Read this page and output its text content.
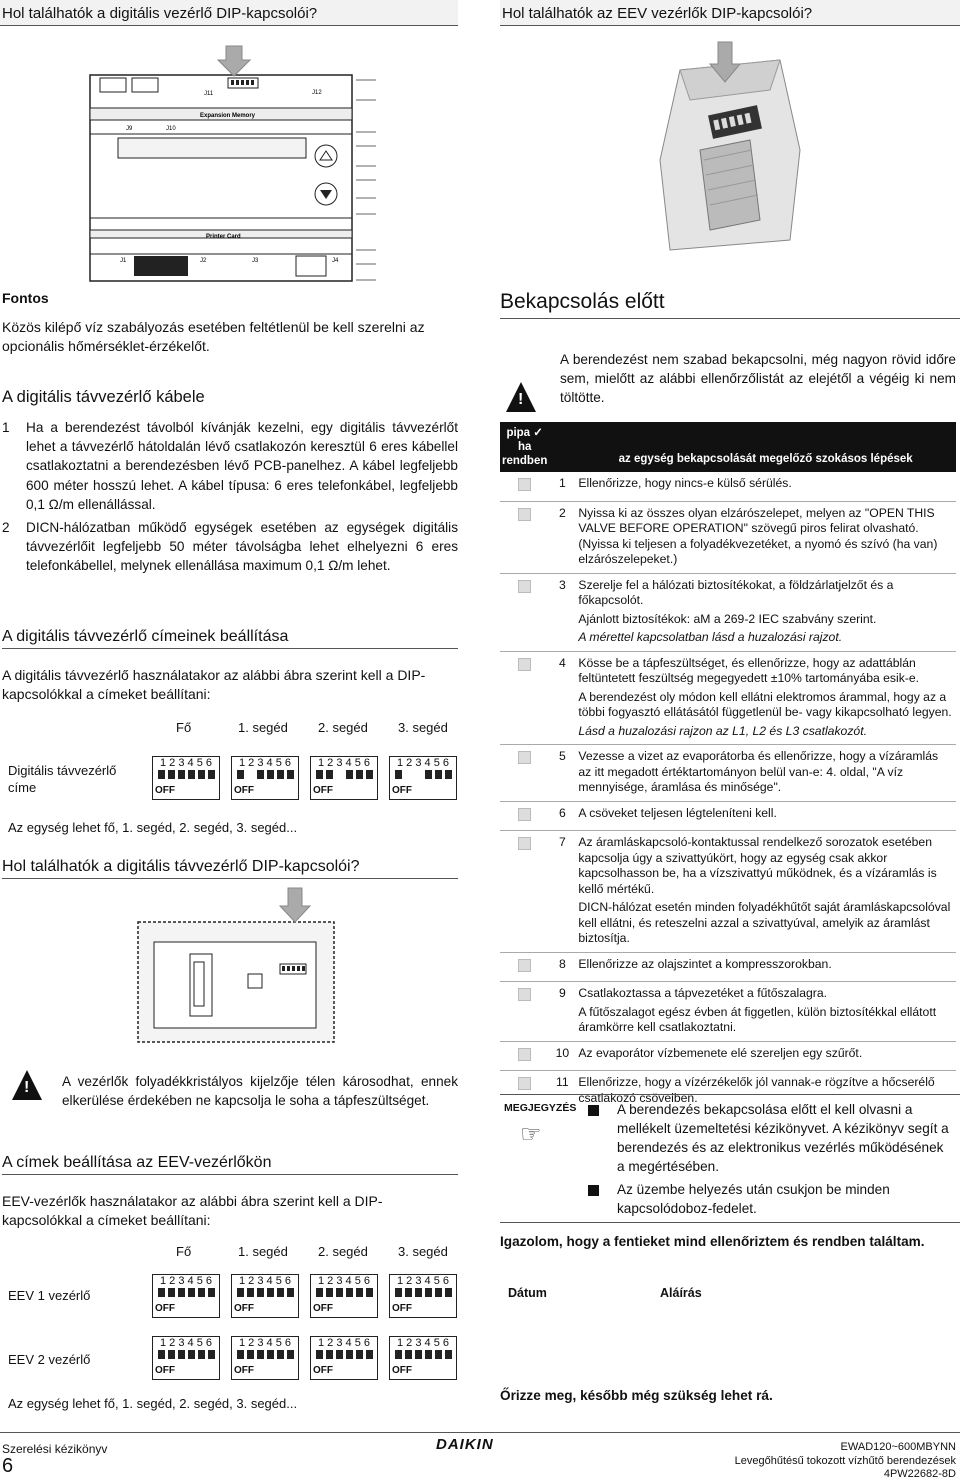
Hol találhatók a digitális vezérlő DIP-kapcsolói?
J11	J12
Expansion Memory
J9	J10
Printer Card
J1	J2	J3	J4
Fontos
Közös kilépő víz szabályozás esetében feltétlenül be kell szerelni az opcionális hőmérséklet-érzékelőt.
A digitális távvezérlő kábele
1 Ha a berendezést távolból kívánják kezelni, egy digitális távvezérlőt lehet a távvezérlő hátoldalán lévő csatlakozón keresztül 6 eres kábellel csatlakoztatni a berendezésben lévő PCB-panelhez. A kábel legfeljebb 600 méter hosszú lehet. A kábel típusa: 6 eres telefonkábel, legfeljebb 0,1 Ω/m ellenállással.
2 DICN-hálózatban működő egységek esetében az egységek digitális távvezérlőit legfeljebb 50 méter távolságba lehet elhelyezni 6 eres telefonkábellel, melynek ellenállása maximum 0,1 Ω/m lehet.
A digitális távvezérlő címeinek beállítása
A digitális távvezérlő használatakor az alábbi ábra szerint kell a DIP-kapcsolókkal a címeket beállítani:
Fő	1. segéd	2. segéd	3. segéd
Digitális távvezérlő címe
1 2 3 4 5 6
OFF
1 2 3 4 5 6
OFF
1 2 3 4 5 6
OFF
1 2 3 4 5 6
OFF
Az egység lehet fő, 1. segéd, 2. segéd, 3. segéd...
Hol találhatók a digitális távvezérlő DIP-kapcsolói?
!
A vezérlők folyadékkristályos kijelzője télen károsodhat, ennek elkerülése érdekében ne kapcsolja le soha a tápfeszültséget.
A címek beállítása az EEV-vezérlőkön
EEV-vezérlők használatakor az alábbi ábra szerint kell a DIP-kapcsolókkal a címeket beállítani:
Fő	1. segéd	2. segéd	3. segéd
EEV 1 vezérlő
1 2 3 4 5 6
OFF
1 2 3 4 5 6
OFF
1 2 3 4 5 6
OFF
1 2 3 4 5 6
OFF
EEV 2 vezérlő
1 2 3 4 5 6
OFF
1 2 3 4 5 6
OFF
1 2 3 4 5 6
OFF
1 2 3 4 5 6
OFF
Az egység lehet fő, 1. segéd, 2. segéd, 3. segéd...
Hol találhatók az EEV vezérlők DIP-kapcsolói?
Bekapcsolás előtt
!
A berendezést nem szabad bekapcsolni, még nagyon rövid időre sem, mielőtt az alábbi ellenőrzőlistát az elejétől a végéig ki nem töltötte.
pipa ✓ ha rendben		az egység bekapcsolását megelőző szokásos lépések
	1	Ellenőrizze, hogy nincs-e külső sérülés.

	2	Nyissa ki az összes olyan elzárószelepet, melyen az "OPEN THIS VALVE BEFORE OPERATION" szövegű piros felirat olvasható. (Nyissa ki teljesen a folyadékvezetéket, a nyomó és szívó (ha van) elzárószelepeket.)

	3	Szerelje fel a hálózati biztosítékokat, a földzárlatjelzőt és a főkapcsolót.
Ajánlott biztosítékok: aM a 269-2 IEC szabvány szerint.
A mérettel kapcsolatban lásd a huzalozási rajzot.

	4	Kösse be a tápfeszültséget, és ellenőrizze, hogy az adattáblán feltüntetett feszültség megegyedett ±10% tartományába esik-e.
A berendezést oly módon kell ellátni elektromos árammal, hogy az a többi fogyasztó ellátásától függetlenül be- vagy kikapcsolható legyen.
Lásd a huzalozási rajzon az L1, L2 és L3 csatlakozót.

	5	Vezesse a vizet az evaporátorba és ellenőrizze, hogy a vízáramlás az itt megadott értéktartományon belül van-e: 4. oldal, "A víz mennyisége, áramlása és minősége".

	6	A csöveket teljesen légteleníteni kell.

	7	Az áramláskapcsoló-kontaktussal rendelkező sorozatok esetében kapcsolja úgy a szivattyúkört, hogy az egység csak akkor kapcsolhasson be, ha a vízszivattyú működnek, és a vízáramlás is kellő mértékű.
DICN-hálózat esetén minden folyadékhűtőt saját áramláskapcsolóval kell ellátni, és reteszelni azzal a szivattyúval, amelyik az áramlást biztosítja.

	8	Ellenőrizze az olajszintet a kompresszorokban.

	9	Csatlakoztassa a tápvezetéket a fűtőszalagra.
A fűtőszalagot egész évben át figgetlen, külön biztosítékkal ellátott áramkörre kell csatlakoztatni.

	10	Az evaporátor vízbemenete elé szereljen egy szűrőt.

	11	Ellenőrizze, hogy a vízérzékelők jól vannak-e rögzítve a hőcserélő csatlakozó csöveiben.
MEGJEGYZÉS
☞
A berendezés bekapcsolása előtt el kell olvasni a mellékelt üzemeltetési kézikönyvet. A kézikönyv segít a berendezés és az elektronikus vezérlés működésének a megértésében.
Az üzembe helyezés után csukjon be minden kapcsolódoboz-fedelet.
Igazolom, hogy a fentieket mind ellenőriztem és rendben találtam.
Dátum	Aláírás
Őrizze meg, később még szükség lehet rá.
Szerelési kézikönyv
6
DAIKIN	EWAD120~600MBYNN
Levegőhűtésű tokozott vízhűtő berendezések
4PW22682-8D
